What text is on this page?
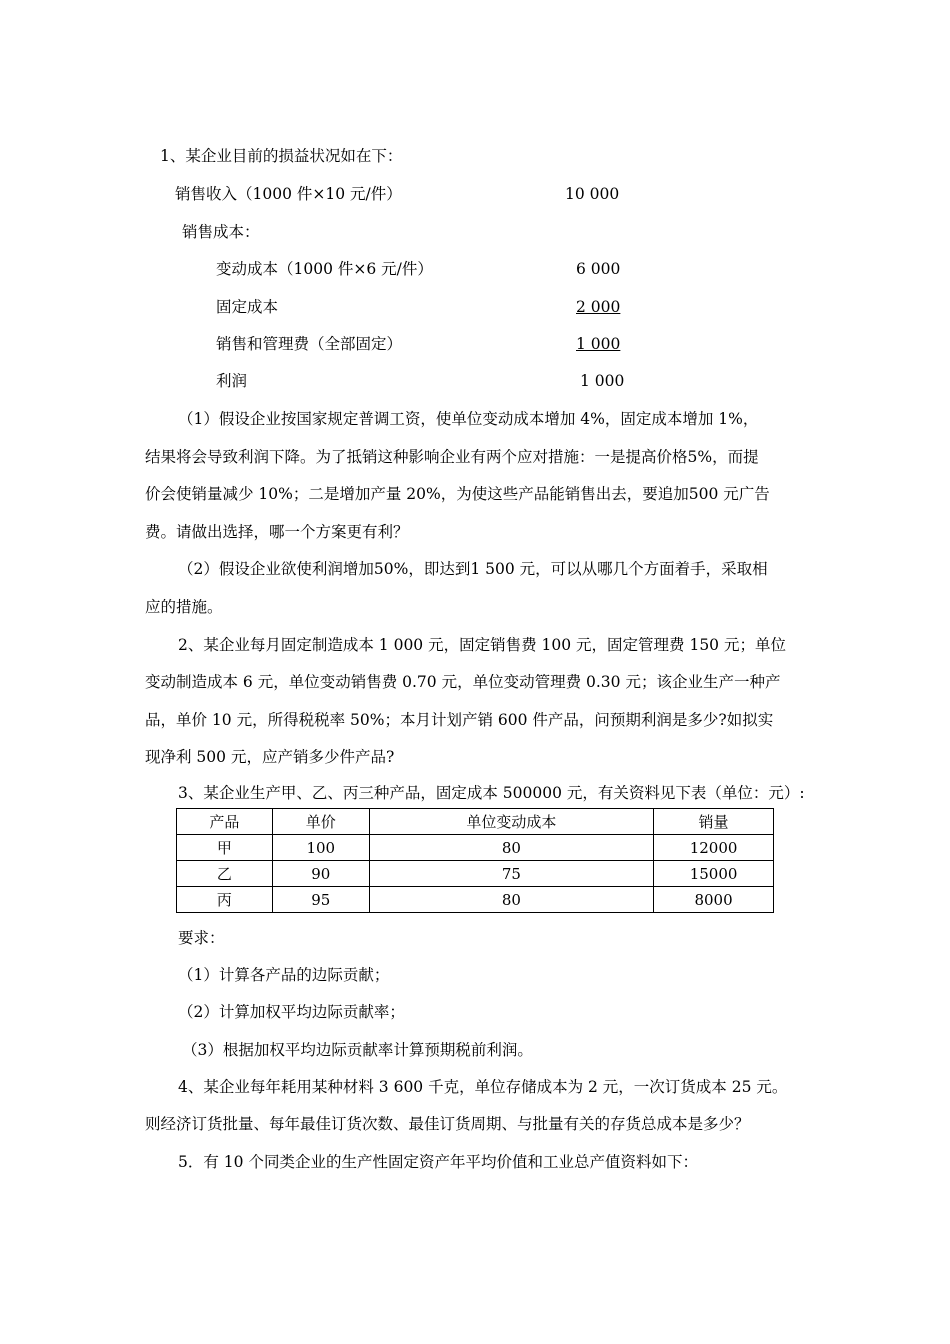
1、某企业目前的损益状况如在下：
销售收入（1000 件×10 元/件）	10 000
销售成本：
变动成本（1000 件×6 元/件）	6 000
固定成本	2 000
销售和管理费（全部固定）	1 000
利润	1 000
（1）假设企业按国家规定普调工资，使单位变动成本增加 4%，固定成本增加 1%，
结果将会导致利润下降。为了抵销这种影响企业有两个应对措施：一是提高价格5%，而提
价会使销量减少 10%；二是增加产量 20%，为使这些产品能销售出去，要追加500 元广告
费。请做出选择，哪一个方案更有利？
（2）假设企业欲使利润增加50%，即达到1 500 元，可以从哪几个方面着手，采取相
应的措施。
2、某企业每月固定制造成本 1 000 元，固定销售费 100 元，固定管理费 150 元；单位
变动制造成本 6 元，单位变动销售费 0.70 元，单位变动管理费 0.30 元；该企业生产一种产
品，单价 10 元，所得税税率 50%；本月计划产销 600 件产品，问预期利润是多少?如拟实
现净利 500 元，应产销多少件产品?
3、某企业生产甲、乙、丙三种产品，固定成本 500000 元，有关资料见下表（单位：元）:
产品	单价	单位变动成本	销量
甲	100	80	12000
乙	90	75	15000
丙	95	80	8000
要求：
（1）计算各产品的边际贡献；
（2）计算加权平均边际贡献率；
（3）根据加权平均边际贡献率计算预期税前利润。
4、某企业每年耗用某种材料 3 600 千克，单位存储成本为 2 元，一次订货成本 25 元。
则经济订货批量、每年最佳订货次数、最佳订货周期、与批量有关的存货总成本是多少？
5．有 10 个同类企业的生产性固定资产年平均价值和工业总产值资料如下：
